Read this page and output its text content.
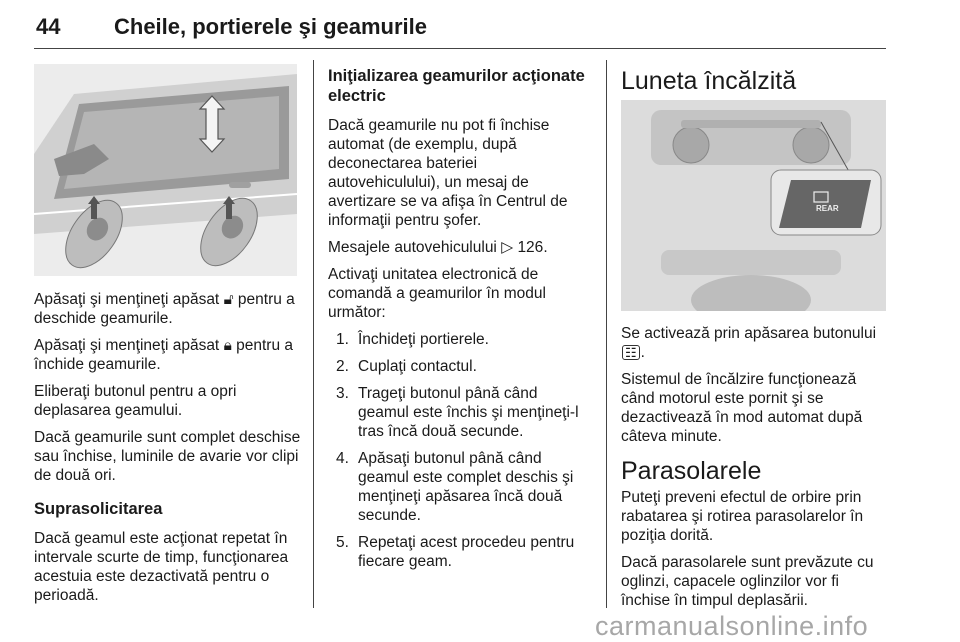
44 Cheile, portierele şi geamurile

Apăsaţi şi menţineţi apăsat 🔓︎ pentru a deschide geamurile.

Apăsaţi şi menţineţi apăsat 🔒︎ pentru a închide geamurile.

Eliberaţi butonul pentru a opri deplasarea geamului.

Dacă geamurile sunt complet deschise sau închise, luminile de avarie vor clipi de două ori.

Suprasolicitarea

Dacă geamul este acţionat repetat în intervale scurte de timp, funcţionarea acestuia este dezactivată pentru o perioadă.

Iniţializarea geamurilor acţionate electric

Dacă geamurile nu pot fi închise automat (de exemplu, după deconectarea bateriei autovehiculului), un mesaj de avertizare se va afişa în Centrul de informaţii pentru şofer.

Mesajele autovehiculului ▷ 126.

Activaţi unitatea electronică de comandă a geamurilor în modul următor:

1. Închideţi portierele.
2. Cuplaţi contactul.
3. Trageţi butonul până când geamul este închis şi menţineţi-l tras încă două secunde.
4. Apăsaţi butonul până când geamul este complet deschis şi menţineţi apăsarea încă două secunde.
5. Repetaţi acest procedeu pentru fiecare geam.
Luneta încălzită
REAR

Se activează prin apăsarea butonului ☷ .

Sistemul de încălzire funcţionează când motorul este pornit şi se dezactivează în mod automat după câteva minute.

Parasolarele

Puteţi preveni efectul de orbire prin rabatarea şi rotirea parasolarelor în poziţia dorită.

Dacă parasolarele sunt prevăzute cu oglinzi, capacele oglinzilor vor fi închise în timpul deplasării.

carmanualsonline.info
